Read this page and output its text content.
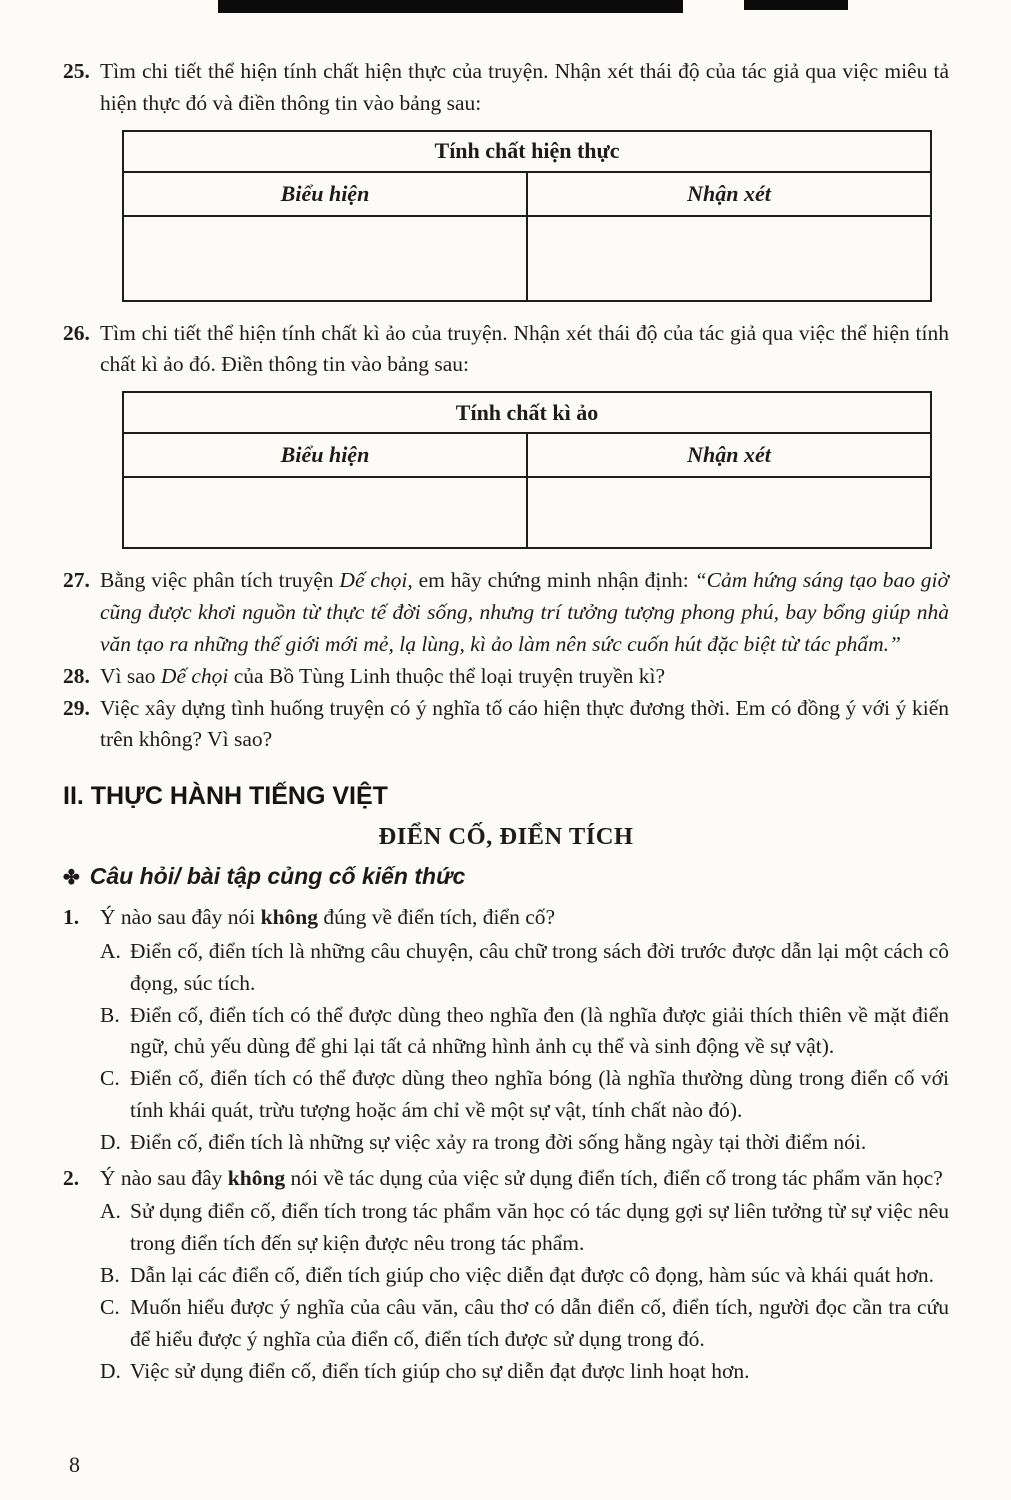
25. Tìm chi tiết thể hiện tính chất hiện thực của truyện. Nhận xét thái độ của tác giả qua việc miêu tả hiện thực đó và điền thông tin vào bảng sau:
Tính chất hiện thực	
Biểu hiện	Nhận xét

26. Tìm chi tiết thể hiện tính chất kì ảo của truyện. Nhận xét thái độ của tác giả qua việc thể hiện tính chất kì ảo đó. Điền thông tin vào bảng sau:
Tính chất kì ảo	
Biểu hiện	Nhận xét

27. Bằng việc phân tích truyện Dế chọi, em hãy chứng minh nhận định: “Cảm hứng sáng tạo bao giờ cũng được khơi nguồn từ thực tế đời sống, nhưng trí tưởng tượng phong phú, bay bổng giúp nhà văn tạo ra những thế giới mới mẻ, lạ lùng, kì ảo làm nên sức cuốn hút đặc biệt từ tác phẩm.”
28. Vì sao Dế chọi của Bồ Tùng Linh thuộc thể loại truyện truyền kì?
29. Việc xây dựng tình huống truyện có ý nghĩa tố cáo hiện thực đương thời. Em có đồng ý với ý kiến trên không? Vì sao?
II. THỰC HÀNH TIẾNG VIỆT
ĐIỂN CỐ, ĐIỂN TÍCH
✤ Câu hỏi/ bài tập củng cố kiến thức
1. Ý nào sau đây nói không đúng về điển tích, điển cố?
A. Điển cố, điển tích là những câu chuyện, câu chữ trong sách đời trước được dẫn lại một cách cô đọng, súc tích.
B. Điển cố, điển tích có thể được dùng theo nghĩa đen (là nghĩa được giải thích thiên về mặt điển ngữ, chủ yếu dùng để ghi lại tất cả những hình ảnh cụ thể và sinh động về sự vật).
C. Điển cố, điển tích có thể được dùng theo nghĩa bóng (là nghĩa thường dùng trong điển cố với tính khái quát, trừu tượng hoặc ám chỉ về một sự vật, tính chất nào đó).
D. Điển cố, điển tích là những sự việc xảy ra trong đời sống hằng ngày tại thời điểm nói.
2. Ý nào sau đây không nói về tác dụng của việc sử dụng điển tích, điển cố trong tác phẩm văn học?
A. Sử dụng điển cố, điển tích trong tác phẩm văn học có tác dụng gợi sự liên tưởng từ sự việc nêu trong điển tích đến sự kiện được nêu trong tác phẩm.
B. Dẫn lại các điển cố, điển tích giúp cho việc diễn đạt được cô đọng, hàm súc và khái quát hơn.
C. Muốn hiểu được ý nghĩa của câu văn, câu thơ có dẫn điển cố, điển tích, người đọc cần tra cứu để hiểu được ý nghĩa của điển cố, điển tích được sử dụng trong đó.
D. Việc sử dụng điển cố, điển tích giúp cho sự diễn đạt được linh hoạt hơn.
8
